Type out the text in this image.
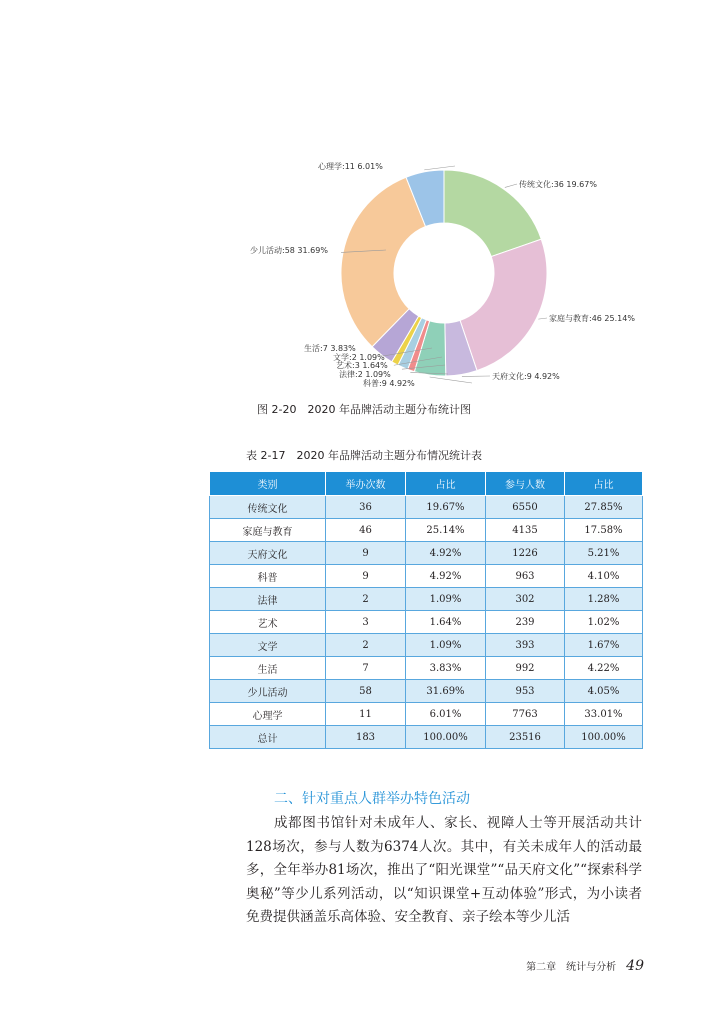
传统文化:36 19.67%
家庭与教育:46 25.14%
天府文化:9 4.92%
科普:9 4.92%
法律:2 1.09%
艺术:3 1.64%
文学:2 1.09%
生活:7 3.83%
少儿活动:58 31.69%
心理学:11 6.01%
图 2-20　2020 年品牌活动主题分布统计图
表 2-17　2020 年品牌活动主题分布情况统计表
类别	举办次数	占比	参与人数	占比
传统文化	36	19.67%	6550	27.85%
家庭与教育	46	25.14%	4135	17.58%
天府文化	9	4.92%	1226	5.21%
科普	9	4.92%	963	4.10%
法律	2	1.09%	302	1.28%
艺术	3	1.64%	239	1.02%
文学	2	1.09%	393	1.67%
生活	7	3.83%	992	4.22%
少儿活动	58	31.69%	953	4.05%
心理学	11	6.01%	7763	33.01%
总计	183	100.00%	23516	100.00%
二、针对重点人群举办特色活动

成都图书馆针对未成年人、家长、视障人士等开展活动共计128场次，参与人数为6374人次。其中，有关未成年人的活动最多，全年举办81场次，推出了“阳光课堂”“品天府文化”“探索科学奥秘”等少儿系列活动，以“知识课堂+互动体验”形式，为小读者免费提供涵盖乐高体验、安全教育、亲子绘本等少儿活

第二章　统计与分析 49
